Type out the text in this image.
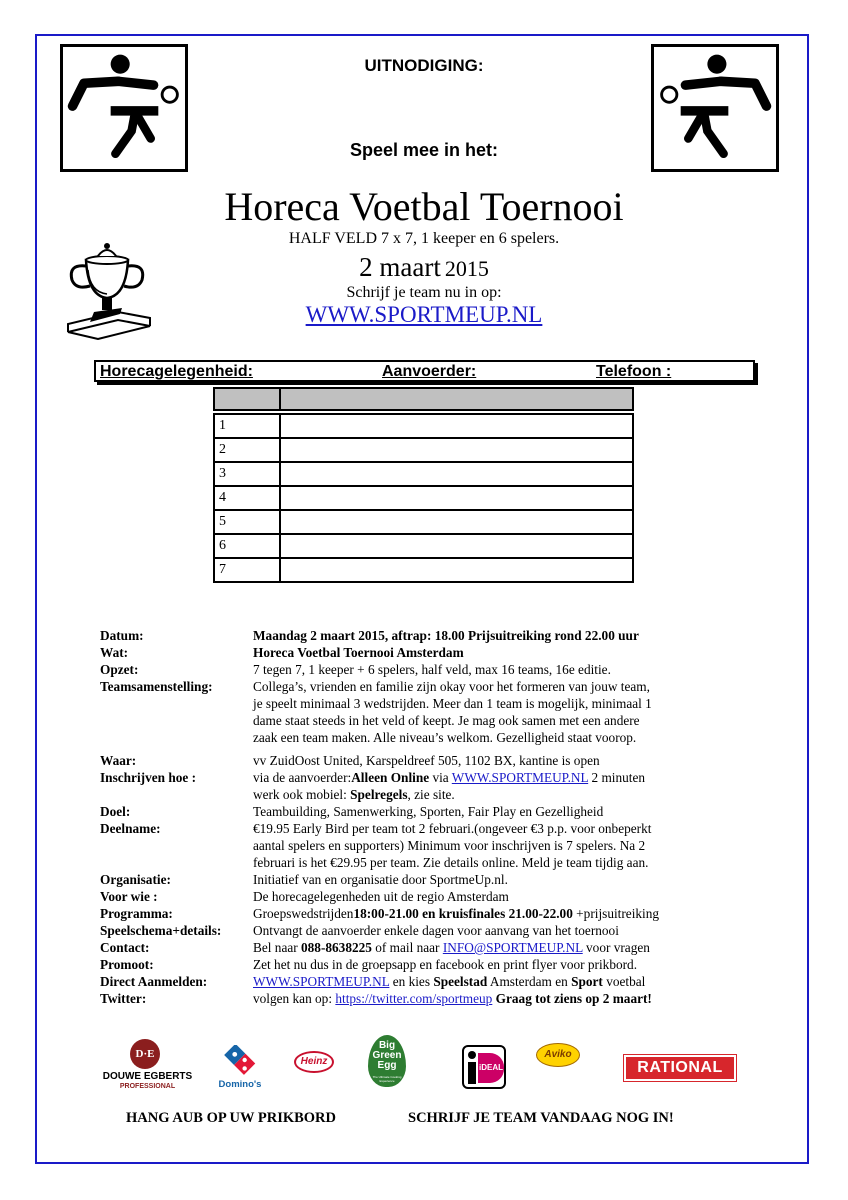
UITNODIGING:
Speel mee in het:
Horeca Voetbal Toernooi
HALF VELD 7 x 7, 1 keeper en 6 spelers.
2 maart 2015
Schrijf je team nu in op:
WWW.SPORTMEUP.NL
Horecagelegenheid:	Aanvoerder:	Telefoon :

1	
2	
3	
4	
5	
6	
7	
Datum:	Maandag 2 maart 2015, aftrap: 18.00 Prijsuitreiking rond 22.00 uur
Wat:	Horeca Voetbal Toernooi Amsterdam
Opzet:	7 tegen 7, 1 keeper + 6 spelers, half veld, max 16 teams, 16e editie.
Teamsamenstelling:	Collega’s, vrienden en familie zijn okay voor het formeren van jouw team,
je speelt minimaal 3 wedstrijden. Meer dan 1 team is mogelijk, minimaal 1
dame staat steeds in het veld of keept. Je mag ook samen met een andere
zaak een team maken. Alle niveau’s welkom. Gezelligheid staat voorop.
Waar:	vv ZuidOost United, Karspeldreef 505, 1102 BX, kantine is open
Inschrijven hoe :	via de aanvoerder:Alleen Online via WWW.SPORTMEUP.NL 2 minuten
werk ook mobiel: Spelregels, zie site.
Doel:	Teambuilding, Samenwerking, Sporten, Fair Play en Gezelligheid
Deelname:	€19.95 Early Bird per team tot 2 februari.(ongeveer €3 p.p. voor onbeperkt
aantal spelers en supporters) Minimum voor inschrijven is 7 spelers. Na 2
februari is het €29.95 per team. Zie details online. Meld je team tijdig aan.
Organisatie:	Initiatief van en organisatie door SportmeUp.nl.
Voor wie :	De horecagelegenheden uit de regio Amsterdam
Programma:	Groepswedstrijden18:00-21.00 en kruisfinales 21.00-22.00 +prijsuitreiking
Speelschema+details:	Ontvangt de aanvoerder enkele dagen voor aanvang van het toernooi
Contact:	Bel naar 088-8638225 of mail naar INFO@SPORTMEUP.NL voor vragen
Promoot:	Zet het nu dus in de groepsapp en facebook en print flyer voor prikbord.
Direct Aanmelden:	WWW.SPORTMEUP.NL en kies Speelstad Amsterdam en Sport voetbal
Twitter:	volgen kan op: https://twitter.com/sportmeup Graag tot ziens op 2 maart!
D·E
DOUWE EGBERTS
PROFESSIONAL	Domino's
Heinz
Big
Green
Egg
The Ultimate Cooking Experience
iDEAL
Aviko
RATIONAL
HANG AUB OP UW PRIKBORD	SCHRIJF JE TEAM VANDAAG NOG IN!
